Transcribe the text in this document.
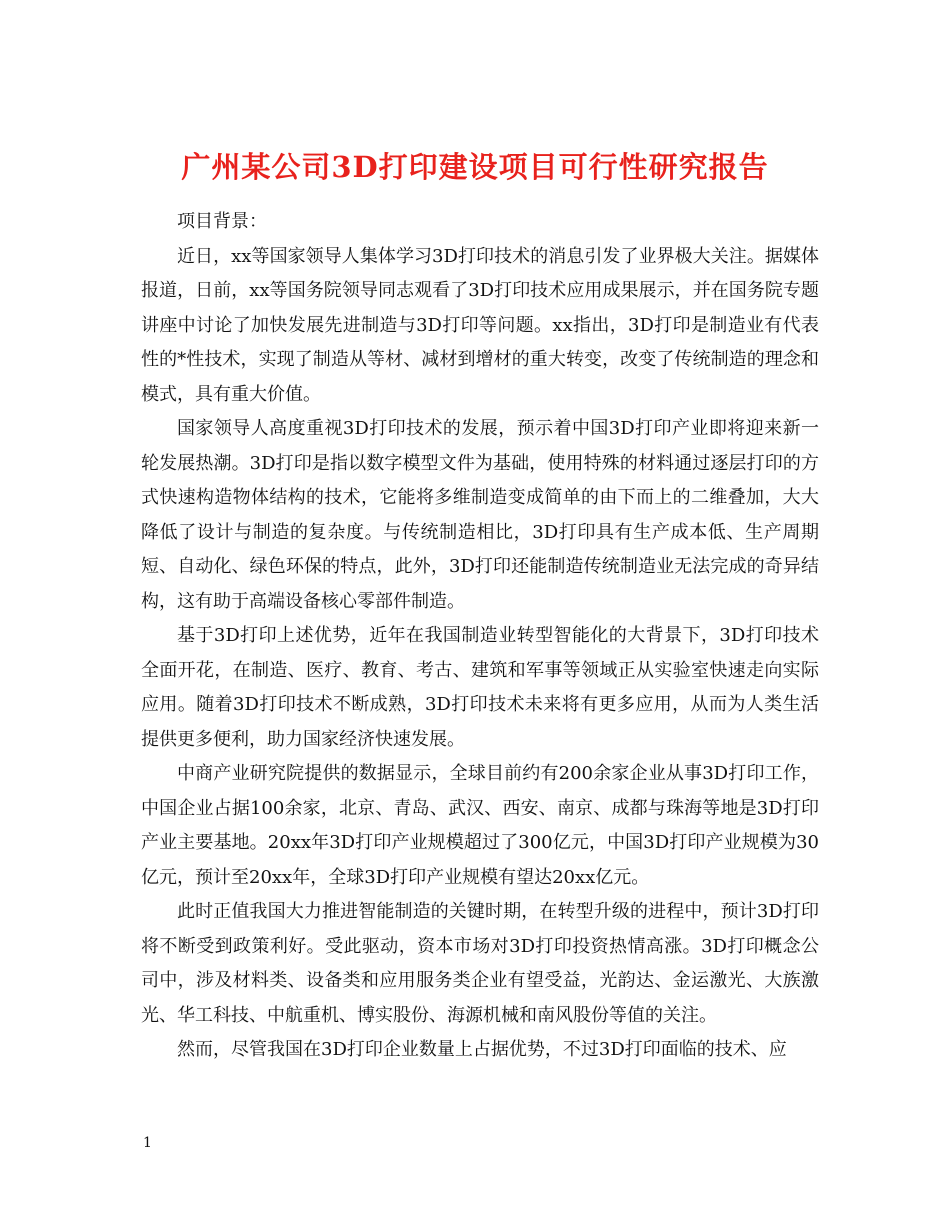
广州某公司3D打印建设项目可行性研究报告

项目背景：

近日，xx等国家领导人集体学习3D打印技术的消息引发了业界极大关注。据媒体报道，日前，xx等国务院领导同志观看了3D打印技术应用成果展示，并在国务院专题讲座中讨论了加快发展先进制造与3D打印等问题。xx指出，3D打印是制造业有代表性的*性技术，实现了制造从等材、减材到增材的重大转变，改变了传统制造的理念和模式，具有重大价值。

国家领导人高度重视3D打印技术的发展，预示着中国3D打印产业即将迎来新一轮发展热潮。3D打印是指以数字模型文件为基础，使用特殊的材料通过逐层打印的方式快速构造物体结构的技术，它能将多维制造变成简单的由下而上的二维叠加，大大降低了设计与制造的复杂度。与传统制造相比，3D打印具有生产成本低、生产周期短、自动化、绿色环保的特点，此外，3D打印还能制造传统制造业无法完成的奇异结构，这有助于高端设备核心零部件制造。

基于3D打印上述优势，近年在我国制造业转型智能化的大背景下，3D打印技术全面开花，在制造、医疗、教育、考古、建筑和军事等领域正从实验室快速走向实际应用。随着3D打印技术不断成熟，3D打印技术未来将有更多应用，从而为人类生活提供更多便利，助力国家经济快速发展。

中商产业研究院提供的数据显示，全球目前约有200余家企业从事3D打印工作，中国企业占据100余家，北京、青岛、武汉、西安、南京、成都与珠海等地是3D打印产业主要基地。20xx年3D打印产业规模超过了300亿元，中国3D打印产业规模为30亿元，预计至20xx年，全球3D打印产业规模有望达20xx亿元。

此时正值我国大力推进智能制造的关键时期，在转型升级的进程中，预计3D打印将不断受到政策利好。受此驱动，资本市场对3D打印投资热情高涨。3D打印概念公司中，涉及材料类、设备类和应用服务类企业有望受益，光韵达、金运激光、大族激光、华工科技、中航重机、博实股份、海源机械和南风股份等值的关注。

然而，尽管我国在3D打印企业数量上占据优势，不过3D打印面临的技术、应

1
